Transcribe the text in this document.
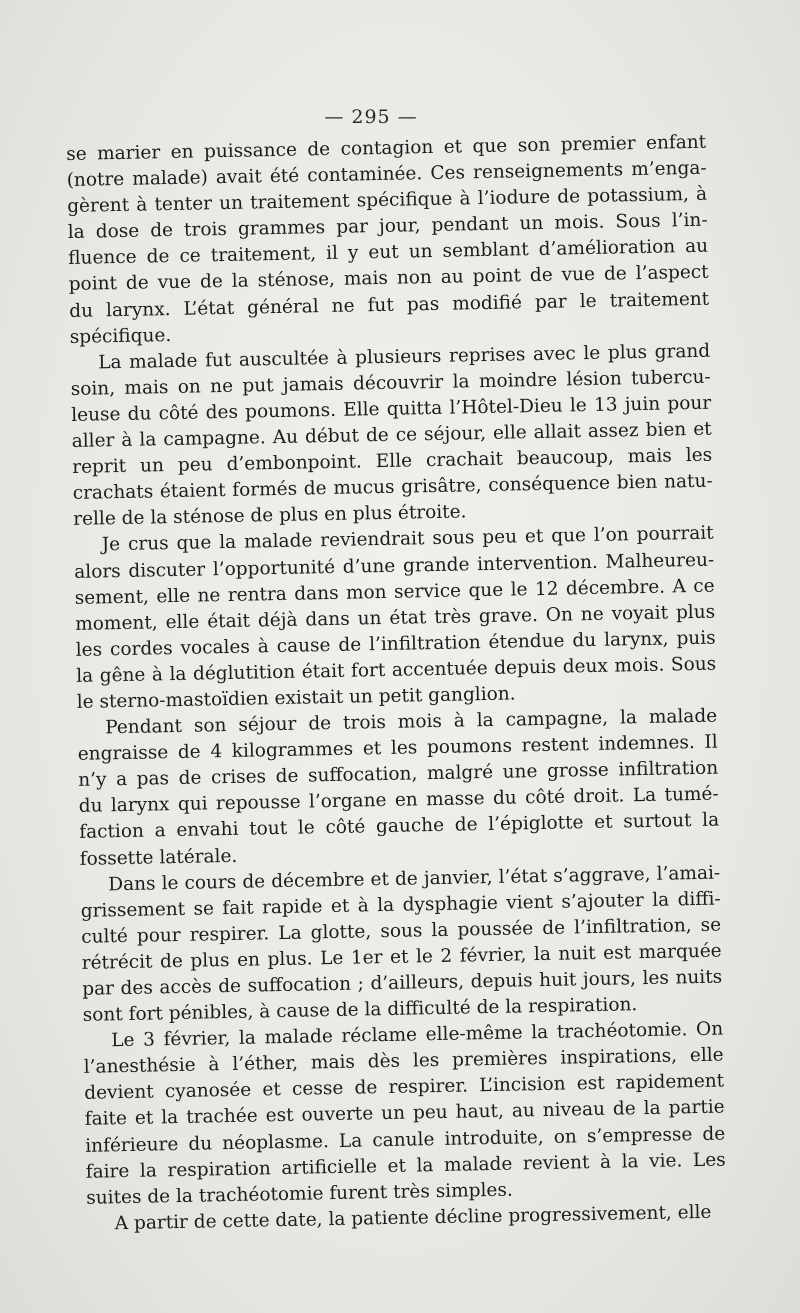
— 295 —
se marier en puissance de contagion et que son premier enfant
(notre malade) avait été contaminée. Ces renseignements m’enga-
gèrent à tenter un traitement spécifique à l’iodure de potassium, à
la dose de trois grammes par jour, pendant un mois. Sous l’in-
fluence de ce traitement, il y eut un semblant d’amélioration au
point de vue de la sténose, mais non au point de vue de l’aspect
du larynx. L’état général ne fut pas modifié par le traitement
spécifique.
La malade fut auscultée à plusieurs reprises avec le plus grand
soin, mais on ne put jamais découvrir la moindre lésion tubercu-
leuse du côté des poumons. Elle quitta l’Hôtel-Dieu le 13 juin pour
aller à la campagne. Au début de ce séjour, elle allait assez bien et
reprit un peu d’embonpoint. Elle crachait beaucoup, mais les
crachats étaient formés de mucus grisâtre, conséquence bien natu-
relle de la sténose de plus en plus étroite.
Je crus que la malade reviendrait sous peu et que l’on pourrait
alors discuter l’opportunité d’une grande intervention. Malheureu-
sement, elle ne rentra dans mon service que le 12 décembre. A ce
moment, elle était déjà dans un état très grave. On ne voyait plus
les cordes vocales à cause de l’infiltration étendue du larynx, puis
la gêne à la déglutition était fort accentuée depuis deux mois. Sous
le sterno-mastoïdien existait un petit ganglion.
Pendant son séjour de trois mois à la campagne, la malade
engraisse de 4 kilogrammes et les poumons restent indemnes. Il
n’y a pas de crises de suffocation, malgré une grosse infiltration
du larynx qui repousse l’organe en masse du côté droit. La tumé-
faction a envahi tout le côté gauche de l’épiglotte et surtout la
fossette latérale.
Dans le cours de décembre et de janvier, l’état s’aggrave, l’amai-
grissement se fait rapide et à la dysphagie vient s’ajouter la diffi-
culté pour respirer. La glotte, sous la poussée de l’infiltration, se
rétrécit de plus en plus. Le 1er et le 2 février, la nuit est marquée
par des accès de suffocation ; d’ailleurs, depuis huit jours, les nuits
sont fort pénibles, à cause de la difficulté de la respiration.
Le 3 février, la malade réclame elle-même la trachéotomie. On
l’anesthésie à l’éther, mais dès les premières inspirations, elle
devient cyanosée et cesse de respirer. L’incision est rapidement
faite et la trachée est ouverte un peu haut, au niveau de la partie
inférieure du néoplasme. La canule introduite, on s’empresse de
faire la respiration artificielle et la malade revient à la vie. Les
suites de la trachéotomie furent très simples.
A partir de cette date, la patiente décline progressivement, elle
